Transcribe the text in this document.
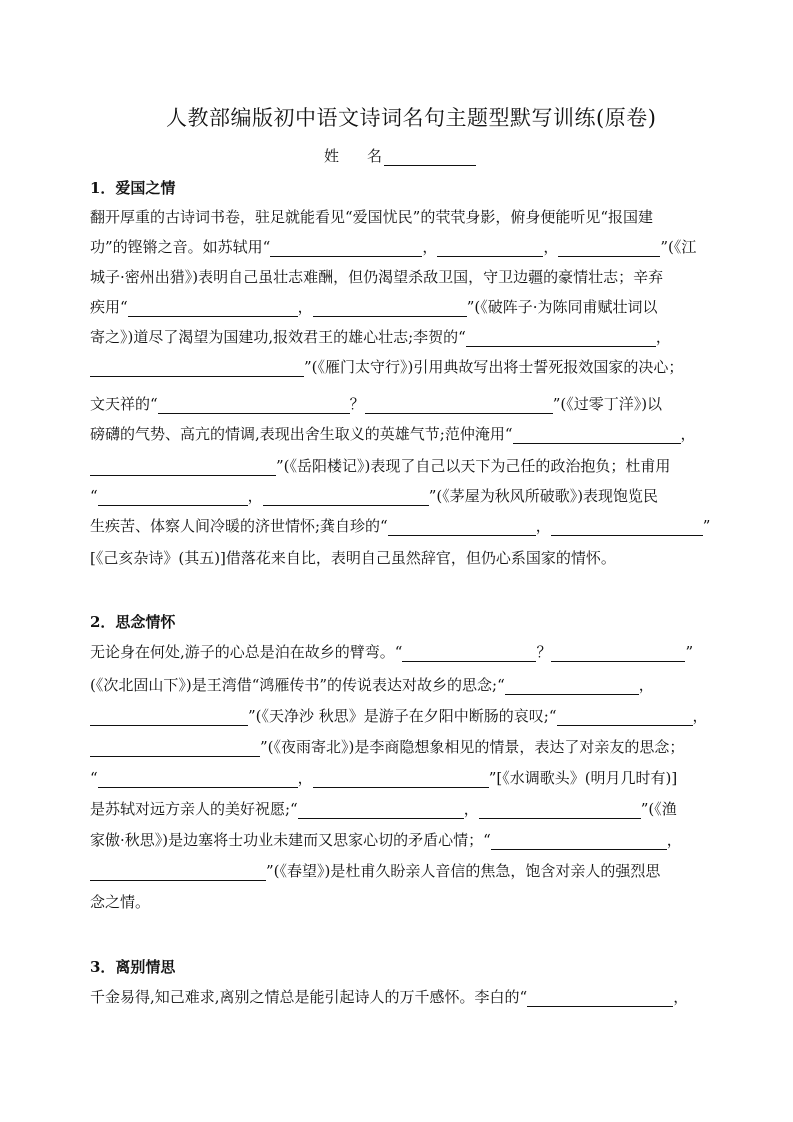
人教部编版初中语文诗词名句主题型默写训练(原卷)
姓 名
1．爱国之情
翻开厚重的古诗词书卷，驻足就能看见“爱国忧民”的茕茕身影，俯身便能听见“报国建
功”的铿锵之音。如苏轼用“	，	，	”(《江
城子·密州出猎》)表明自己虽壮志难酬，但仍渴望杀敌卫国，守卫边疆的豪情壮志；辛弃
疾用“	，	”(《破阵子·为陈同甫赋壮词以
寄之》)道尽了渴望为国建功,报效君王的雄心壮志;李贺的“	，
”(《雁门太守行》)引用典故写出将士誓死报效国家的决心；
文天祥的“	？	”(《过零丁洋》)以
磅礴的气势、高亢的情调,表现出舍生取义的英雄气节;范仲淹用“	，
”(《岳阳楼记》)表现了自己以天下为己任的政治抱负；杜甫用
“	，	”(《茅屋为秋风所破歌》)表现饱览民
生疾苦、体察人间冷暖的济世情怀;龚自珍的“	，	”
[《己亥杂诗》(其五)]借落花来自比，表明自己虽然辞官，但仍心系国家的情怀。
2．思念情怀
无论身在何处,游子的心总是泊在故乡的臂弯。“	？	”
(《次北固山下》)是王湾借“鸿雁传书”的传说表达对故乡的思念;“	，
”(《天净沙 秋思》是游子在夕阳中断肠的哀叹;“	，
”(《夜雨寄北》)是李商隐想象相见的情景，表达了对亲友的思念；
“	，	”[《水调歌头》(明月几时有)]
是苏轼对远方亲人的美好祝愿;“	，	”(《渔
家傲·秋思》)是边塞将士功业未建而又思家心切的矛盾心情；“	，
”(《春望》)是杜甫久盼亲人音信的焦急，饱含对亲人的强烈思
念之情。
3．离别情思
千金易得,知己难求,离别之情总是能引起诗人的万千感怀。李白的“	，
